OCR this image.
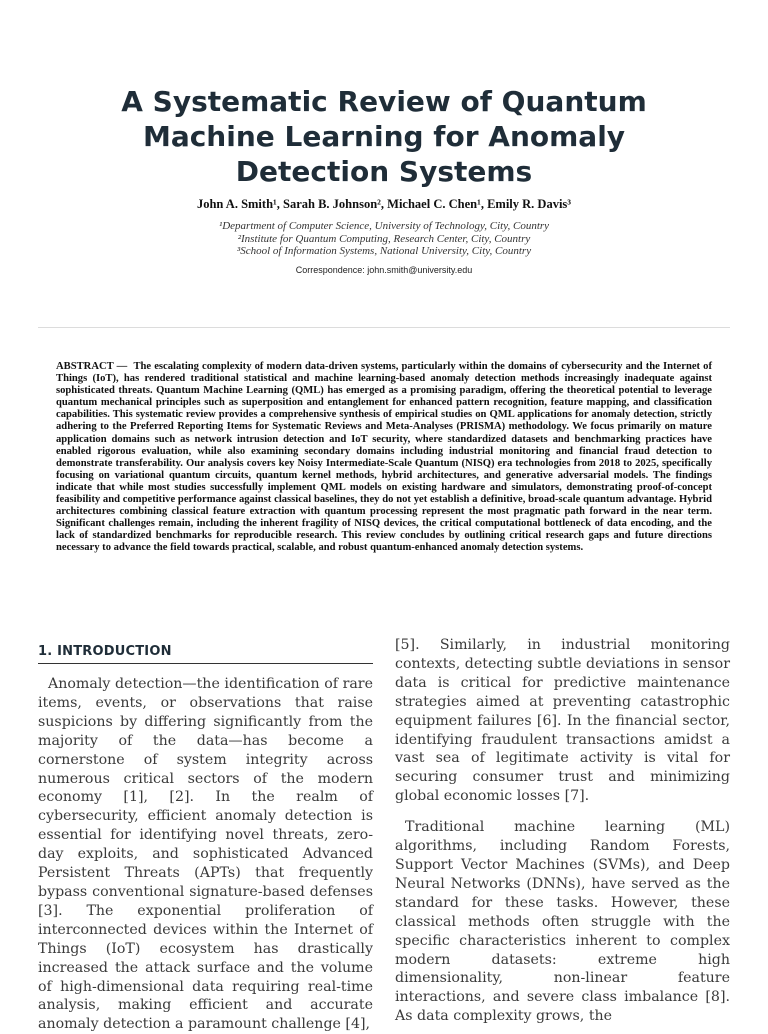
A Systematic Review of Quantum Machine Learning for Anomaly Detection Systems
John A. Smith¹, Sarah B. Johnson², Michael C. Chen¹, Emily R. Davis³
¹Department of Computer Science, University of Technology, City, Country
²Institute for Quantum Computing, Research Center, City, Country
³School of Information Systems, National University, City, Country
Correspondence: john.smith@university.edu

ABSTRACT — The escalating complexity of modern data-driven systems, particularly within the domains of cybersecurity and the Internet of Things (IoT), has rendered traditional statistical and machine learning-based anomaly detection methods increasingly inadequate against sophisticated threats. Quantum Machine Learning (QML) has emerged as a promising paradigm, offering the theoretical potential to leverage quantum mechanical principles such as superposition and entanglement for enhanced pattern recognition, feature mapping, and classification capabilities. This systematic review provides a comprehensive synthesis of empirical studies on QML applications for anomaly detection, strictly adhering to the Preferred Reporting Items for Systematic Reviews and Meta-Analyses (PRISMA) methodology. We focus primarily on mature application domains such as network intrusion detection and IoT security, where standardized datasets and benchmarking practices have enabled rigorous evaluation, while also examining secondary domains including industrial monitoring and financial fraud detection to demonstrate transferability. Our analysis covers key Noisy Intermediate-Scale Quantum (NISQ) era technologies from 2018 to 2025, specifically focusing on variational quantum circuits, quantum kernel methods, hybrid architectures, and generative adversarial models. The findings indicate that while most studies successfully implement QML models on existing hardware and simulators, demonstrating proof-of-concept feasibility and competitive performance against classical baselines, they do not yet establish a definitive, broad-scale quantum advantage. Hybrid architectures combining classical feature extraction with quantum processing represent the most pragmatic path forward in the near term. Significant challenges remain, including the inherent fragility of NISQ devices, the critical computational bottleneck of data encoding, and the lack of standardized benchmarks for reproducible research. This review concludes by outlining critical research gaps and future directions necessary to advance the field towards practical, scalable, and robust quantum-enhanced anomaly detection systems.

1. INTRODUCTION

Anomaly detection—the identification of rare items, events, or observations that raise suspicions by differing significantly from the majority of the data—has become a cornerstone of system integrity across numerous critical sectors of the modern economy [1], [2]. In the realm of cybersecurity, efficient anomaly detection is essential for identifying novel threats, zero-day exploits, and sophisticated Advanced Persistent Threats (APTs) that frequently bypass conventional signature-based defenses [3]. The exponential proliferation of interconnected devices within the Internet of Things (IoT) ecosystem has drastically increased the attack surface and the volume of high-dimensional data requiring real-time analysis, making efficient and accurate anomaly detection a paramount challenge [4],

[5]. Similarly, in industrial monitoring contexts, detecting subtle deviations in sensor data is critical for predictive maintenance strategies aimed at preventing catastrophic equipment failures [6]. In the financial sector, identifying fraudulent transactions amidst a vast sea of legitimate activity is vital for securing consumer trust and minimizing global economic losses [7].

Traditional machine learning (ML) algorithms, including Random Forests, Support Vector Machines (SVMs), and Deep Neural Networks (DNNs), have served as the standard for these tasks. However, these classical methods often struggle with the specific characteristics inherent to complex modern datasets: extreme high dimensionality, non-linear feature interactions, and severe class imbalance [8]. As data complexity grows, the
